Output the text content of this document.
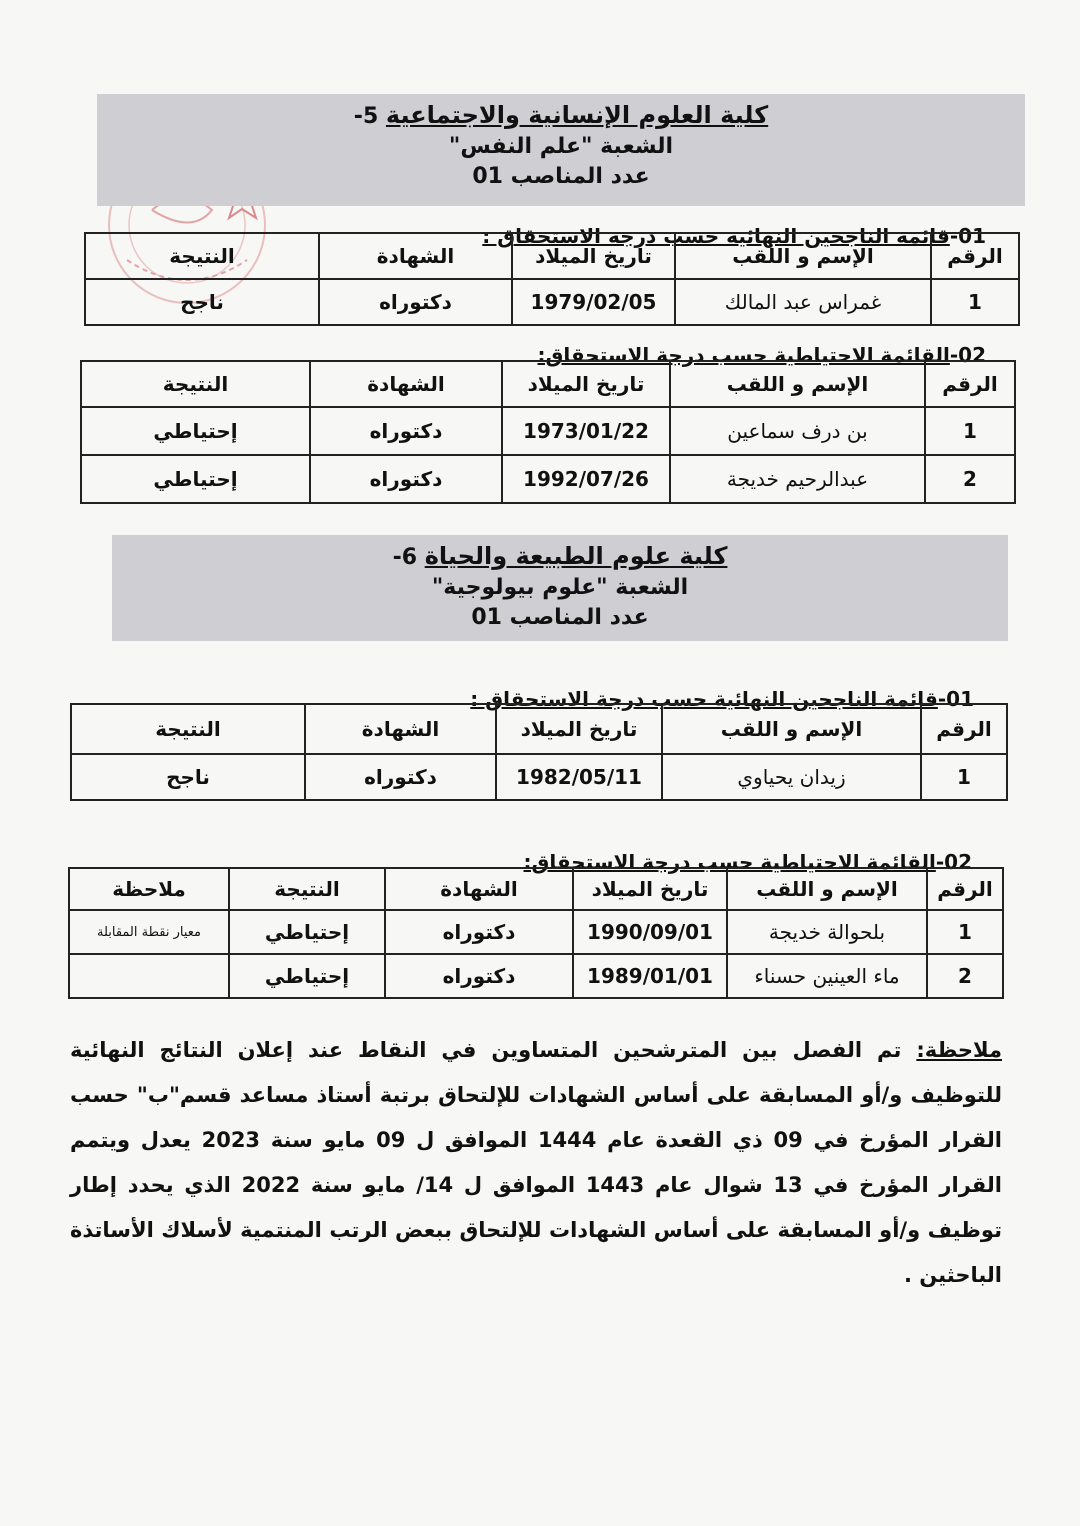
كلية العلوم الإنسانية والاجتماعية 5-
الشعبة "علم النفس"
عدد المناصب 01
01-قائمة الناجحين النهائية حسب درجة الاستحقاق :
الرقم	الإسم و اللقب	تاريخ الميلاد	الشهادة	النتيجة
1	غمراس عبد المالك	1979/02/05	دكتوراه	ناجح
02-القائمة الاحتياطية حسب درجة الاستحقاق:
الرقم	الإسم و اللقب	تاريخ الميلاد	الشهادة	النتيجة
1	بن درف سماعين	1973/01/22	دكتوراه	إحتياطي
2	عبدالرحيم خديجة	1992/07/26	دكتوراه	إحتياطي
كلية علوم الطبيعة والحياة 6-
الشعبة "علوم بيولوجية"
عدد المناصب 01
01-قائمة الناجحين النهائية حسب درجة الاستحقاق :
الرقم	الإسم و اللقب	تاريخ الميلاد	الشهادة	النتيجة
1	زيدان يحياوي	1982/05/11	دكتوراه	ناجح
02-القائمة الاحتياطية حسب درجة الاستحقاق:
الرقم	الإسم و اللقب	تاريخ الميلاد	الشهادة	النتيجة	ملاحظة
1	بلحوالة خديجة	1990/09/01	دكتوراه	إحتياطي	معيار نقطة المقابلة
2	ماء العينين حسناء	1989/01/01	دكتوراه	إحتياطي	
ملاحظة: تم الفصل بين المترشحين المتساوين في النقاط عند إعلان النتائج النهائية للتوظيف و/أو المسابقة على أساس الشهادات للإلتحاق برتبة أستاذ مساعد قسم"ب" حسب القرار المؤرخ في 09 ذي القعدة عام 1444 الموافق ل 09 مايو سنة 2023 يعدل ويتمم القرار المؤرخ في 13 شوال عام 1443 الموافق ل 14/ مايو سنة 2022 الذي يحدد إطار توظيف و/أو المسابقة على أساس الشهادات للإلتحاق ببعض الرتب المنتمية لأسلاك الأساتذة الباحثين .
